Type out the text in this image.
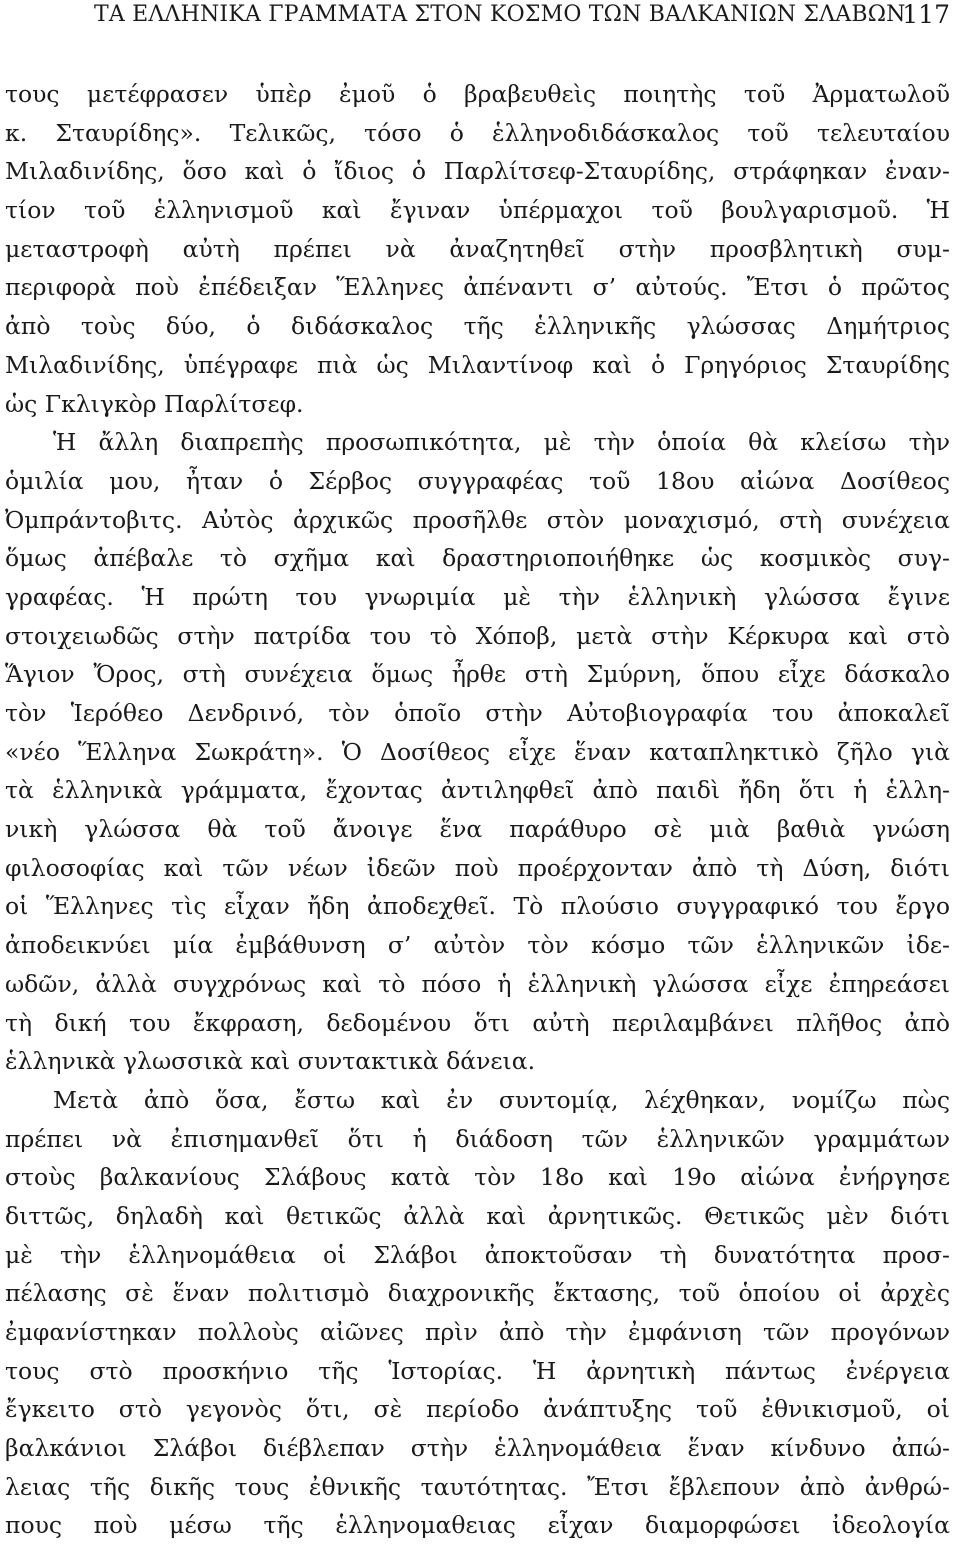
ΤΑ ΕΛΛΗΝΙΚΑ ΓΡΑΜΜΑΤΑ ΣΤΟΝ ΚΟΣΜΟ ΤΩΝ ΒΑΛΚΑΝΙΩΝ ΣΛΑΒΩΝ
117
τους μετέφρασεν ὑπὲρ ἐμοῦ ὁ βραβευθεὶς ποιητὴς τοῦ Ἀρματωλοῦ
κ. Σταυρίδης». Τελικῶς, τόσο ὁ ἑλληνοδιδάσκαλος τοῦ τελευταίου
Μιλαδινίδης, ὅσο καὶ ὁ ἴδιος ὁ Παρλίτσεφ-Σταυρίδης, στράφηκαν ἐναν-
τίον τοῦ ἑλληνισμοῦ καὶ ἔγιναν ὑπέρμαχοι τοῦ βουλγαρισμοῦ. Ἡ
μεταστροφὴ αὐτὴ πρέπει νὰ ἀναζητηθεῖ στὴν προσβλητικὴ συμ-
περιφορὰ ποὺ ἐπέδειξαν Ἕλληνες ἀπέναντι σ’ αὐτούς. Ἔτσι ὁ πρῶτος
ἀπὸ τοὺς δύο, ὁ διδάσκαλος τῆς ἑλληνικῆς γλώσσας Δημήτριος
Μιλαδινίδης, ὑπέγραφε πιὰ ὡς Μιλαντίνοφ καὶ ὁ Γρηγόριος Σταυρίδης
ὡς Γκλιγκὸρ Παρλίτσεφ.
Ἡ ἄλλη διαπρεπὴς προσωπικότητα, μὲ τὴν ὁποία θὰ κλείσω τὴν
ὁμιλία μου, ἦταν ὁ Σέρβος συγγραφέας τοῦ 18ου αἰώνα Δοσίθεος
Ὀμπράντοβιτς. Αὐτὸς ἀρχικῶς προσῆλθε στὸν μοναχισμό, στὴ συνέχεια
ὅμως ἀπέβαλε τὸ σχῆμα καὶ δραστηριοποιήθηκε ὡς κοσμικὸς συγ-
γραφέας. Ἡ πρώτη του γνωριμία μὲ τὴν ἑλληνικὴ γλώσσα ἔγινε
στοιχειωδῶς στὴν πατρίδα του τὸ Χόποβ, μετὰ στὴν Κέρκυρα καὶ στὸ
Ἅγιον Ὄρος, στὴ συνέχεια ὅμως ἦρθε στὴ Σμύρνη, ὅπου εἶχε δάσκαλο
τὸν Ἱερόθεο Δενδρινό, τὸν ὁποῖο στὴν Αὐτοβιογραφία του ἀποκαλεῖ
«νέο Ἕλληνα Σωκράτη». Ὁ Δοσίθεος εἶχε ἕναν καταπληκτικὸ ζῆλο γιὰ
τὰ ἑλληνικὰ γράμματα, ἔχοντας ἀντιληφθεῖ ἀπὸ παιδὶ ἤδη ὅτι ἡ ἑλλη-
νικὴ γλώσσα θὰ τοῦ ἄνοιγε ἕνα παράθυρο σὲ μιὰ βαθιὰ γνώση
φιλοσοφίας καὶ τῶν νέων ἰδεῶν ποὺ προέρχονταν ἀπὸ τὴ Δύση, διότι
οἱ Ἕλληνες τὶς εἶχαν ἤδη ἀποδεχθεῖ. Τὸ πλούσιο συγγραφικό του ἔργο
ἀποδεικνύει μία ἐμβάθυνση σ’ αὐτὸν τὸν κόσμο τῶν ἑλληνικῶν ἰδε-
ωδῶν, ἀλλὰ συγχρόνως καὶ τὸ πόσο ἡ ἑλληνικὴ γλώσσα εἶχε ἐπηρεάσει
τὴ δική του ἔκφραση, δεδομένου ὅτι αὐτὴ περιλαμβάνει πλῆθος ἀπὸ
ἑλληνικὰ γλωσσικὰ καὶ συντακτικὰ δάνεια.
Μετὰ ἀπὸ ὅσα, ἔστω καὶ ἐν συντομίᾳ, λέχθηκαν, νομίζω πὼς
πρέπει νὰ ἐπισημανθεῖ ὅτι ἡ διάδοση τῶν ἑλληνικῶν γραμμάτων
στοὺς βαλκανίους Σλάβους κατὰ τὸν 18ο καὶ 19ο αἰώνα ἐνήργησε
διττῶς, δηλαδὴ καὶ θετικῶς ἀλλὰ καὶ ἀρνητικῶς. Θετικῶς μὲν διότι
μὲ τὴν ἑλληνομάθεια οἱ Σλάβοι ἀποκτοῦσαν τὴ δυνατότητα προσ-
πέλασης σὲ ἕναν πολιτισμὸ διαχρονικῆς ἔκτασης, τοῦ ὁποίου οἱ ἀρχὲς
ἐμφανίστηκαν πολλοὺς αἰῶνες πρὶν ἀπὸ τὴν ἐμφάνιση τῶν προγόνων
τους στὸ προσκήνιο τῆς Ἱστορίας. Ἡ ἀρνητικὴ πάντως ἐνέργεια
ἔγκειτο στὸ γεγονὸς ὅτι, σὲ περίοδο ἀνάπτυξης τοῦ ἐθνικισμοῦ, οἱ
βαλκάνιοι Σλάβοι διέβλεπαν στὴν ἑλληνομάθεια ἕναν κίνδυνο ἀπώ-
λειας τῆς δικῆς τους ἐθνικῆς ταυτότητας. Ἔτσι ἔβλεπουν ἀπὸ ἀνθρώ-
πους ποὺ μέσω τῆς ἑλληνομαθειας εἶχαν διαμορφώσει ἰδεολογία
